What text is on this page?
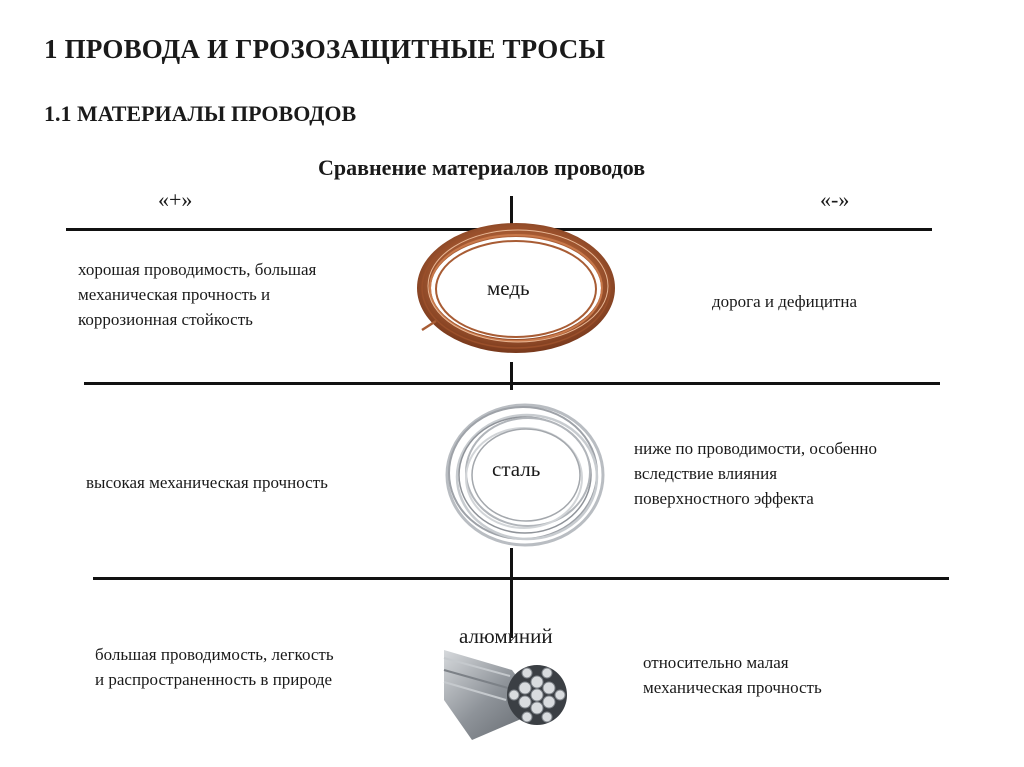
1 ПРОВОДА И ГРОЗОЗАЩИТНЫЕ ТРОСЫ
1.1 МАТЕРИАЛЫ ПРОВОДОВ
Сравнение материалов проводов
«+»	«-»
хорошая проводимость, большая
механическая прочность и
коррозионная стойкость
медь
дорога и дефицитна
высокая механическая прочность
сталь
ниже по проводимости, особенно
вследствие влияния
поверхностного эффекта
большая проводимость, легкость
и распространенность в природе
алюминий
относительно малая
механическая прочность
